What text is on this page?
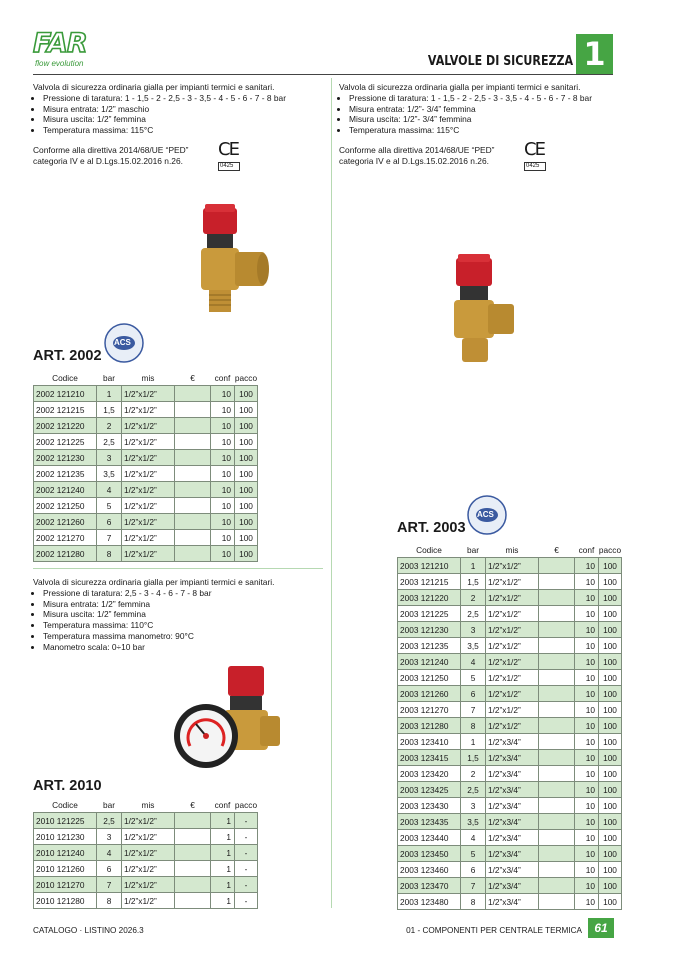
FAR
flow evolution	VALVOLE DI SICUREZZA 1
Valvola di sicurezza ordinaria gialla per impianti termici e sanitari.
• Pressione di taratura: 1 - 1,5 - 2 - 2,5 - 3 - 3,5 - 4 - 5 - 6 - 7 - 8 bar
• Misura entrata: 1/2” maschio
• Misura uscita: 1/2” femmina
• Temperatura massima: 115°C
Conforme alla direttiva 2014/68/UE “PED”
categoria IV e al D.Lgs.15.02.2016 n.26.
CE
0425
ACS
ART. 2002
Codice	bar	mis	€	conf	pacco
2002 121210	1	1/2”x1/2”		10	100
2002 121215	1,5	1/2”x1/2”		10	100
2002 121220	2	1/2”x1/2”		10	100
2002 121225	2,5	1/2”x1/2”		10	100
2002 121230	3	1/2”x1/2”		10	100
2002 121235	3,5	1/2”x1/2”		10	100
2002 121240	4	1/2”x1/2”		10	100
2002 121250	5	1/2”x1/2”		10	100
2002 121260	6	1/2”x1/2”		10	100
2002 121270	7	1/2”x1/2”		10	100
2002 121280	8	1/2”x1/2”		10	100
Valvola di sicurezza ordinaria gialla per impianti termici e sanitari.
• Pressione di taratura: 1 - 1,5 - 2 - 2,5 - 3 - 3,5 - 4 - 5 - 6 - 7 - 8 bar
• Misura entrata: 1/2”- 3/4” femmina
• Misura uscita: 1/2”- 3/4” femmina
• Temperatura massima: 115°C
Conforme alla direttiva 2014/68/UE “PED”
categoria IV e al D.Lgs.15.02.2016 n.26.
CE
0425
ACS
ART. 2003
Codice	bar	mis	€	conf	pacco
2003 121210	1	1/2”x1/2”		10	100
2003 121215	1,5	1/2”x1/2”		10	100
2003 121220	2	1/2”x1/2”		10	100
2003 121225	2,5	1/2”x1/2”		10	100
2003 121230	3	1/2”x1/2”		10	100
2003 121235	3,5	1/2”x1/2”		10	100
2003 121240	4	1/2”x1/2”		10	100
2003 121250	5	1/2”x1/2”		10	100
2003 121260	6	1/2”x1/2”		10	100
2003 121270	7	1/2”x1/2”		10	100
2003 121280	8	1/2”x1/2”		10	100
2003 123410	1	1/2”x3/4”		10	100
2003 123415	1,5	1/2”x3/4”		10	100
2003 123420	2	1/2”x3/4”		10	100
2003 123425	2,5	1/2”x3/4”		10	100
2003 123430	3	1/2”x3/4”		10	100
2003 123435	3,5	1/2”x3/4”		10	100
2003 123440	4	1/2”x3/4”		10	100
2003 123450	5	1/2”x3/4”		10	100
2003 123460	6	1/2”x3/4”		10	100
2003 123470	7	1/2”x3/4”		10	100
2003 123480	8	1/2”x3/4”		10	100
Valvola di sicurezza ordinaria gialla per impianti termici e sanitari.
• Pressione di taratura: 2,5 - 3 - 4 - 6 - 7 - 8 bar
• Misura entrata: 1/2” femmina
• Misura uscita: 1/2” femmina
• Temperatura massima: 110°C
• Temperatura massima manometro: 90°C
• Manometro scala: 0÷10 bar
ART. 2010
Codice	bar	mis	€	conf	pacco
2010 121225	2,5	1/2”x1/2”		1	-
2010 121230	3	1/2”x1/2”		1	-
2010 121240	4	1/2”x1/2”		1	-
2010 121260	6	1/2”x1/2”		1	-
2010 121270	7	1/2”x1/2”		1	-
2010 121280	8	1/2”x1/2”		1	-
CATALOGO · LISTINO 2026.3	01 - COMPONENTI PER CENTRALE TERMICA	61
